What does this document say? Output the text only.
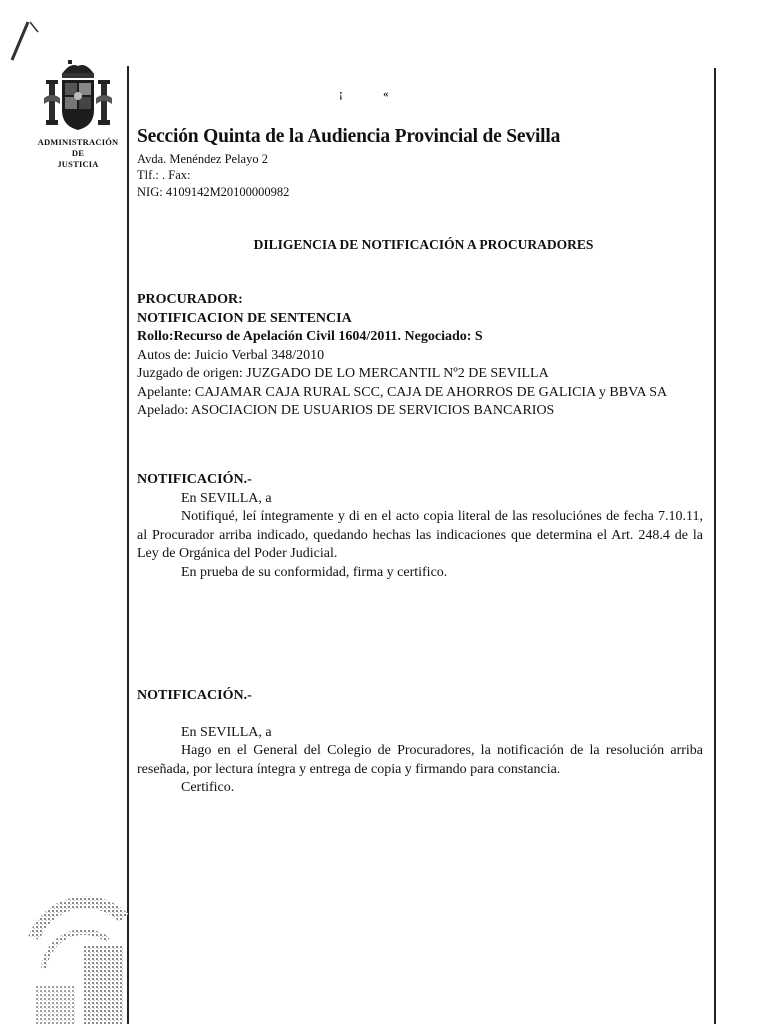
¡	«
ADMINISTRACIÓN
DE
JUSTICIA
Sección Quinta de la Audiencia Provincial de Sevilla
Avda. Menéndez Pelayo 2
Tlf.: . Fax:
NIG: 4109142M20100000982
DILIGENCIA DE NOTIFICACIÓN A PROCURADORES
PROCURADOR:
NOTIFICACION DE SENTENCIA
Rollo:Recurso de Apelación Civil 1604/2011. Negociado: S
Autos de: Juicio Verbal 348/2010
Juzgado de origen: JUZGADO DE LO MERCANTIL Nº2 DE SEVILLA
Apelante: CAJAMAR CAJA RURAL SCC, CAJA DE AHORROS DE GALICIA y BBVA SA
Apelado: ASOCIACION DE USUARIOS DE SERVICIOS BANCARIOS
NOTIFICACIÓN.-
En SEVILLA, a
Notifiqué, leí íntegramente y di en el acto copia literal de las resoluciónes de fecha 7.10.11, al Procurador arriba indicado, quedando hechas las indicaciones que determina el Art. 248.4 de la Ley de Orgánica del Poder Judicial.
En prueba de su conformidad, firma y certifico.
NOTIFICACIÓN.-
En SEVILLA, a
Hago en el General del Colegio de Procuradores, la notificación de la resolución arriba reseñada, por lectura íntegra y entrega de copia y firmando para constancia.
Certifico.
